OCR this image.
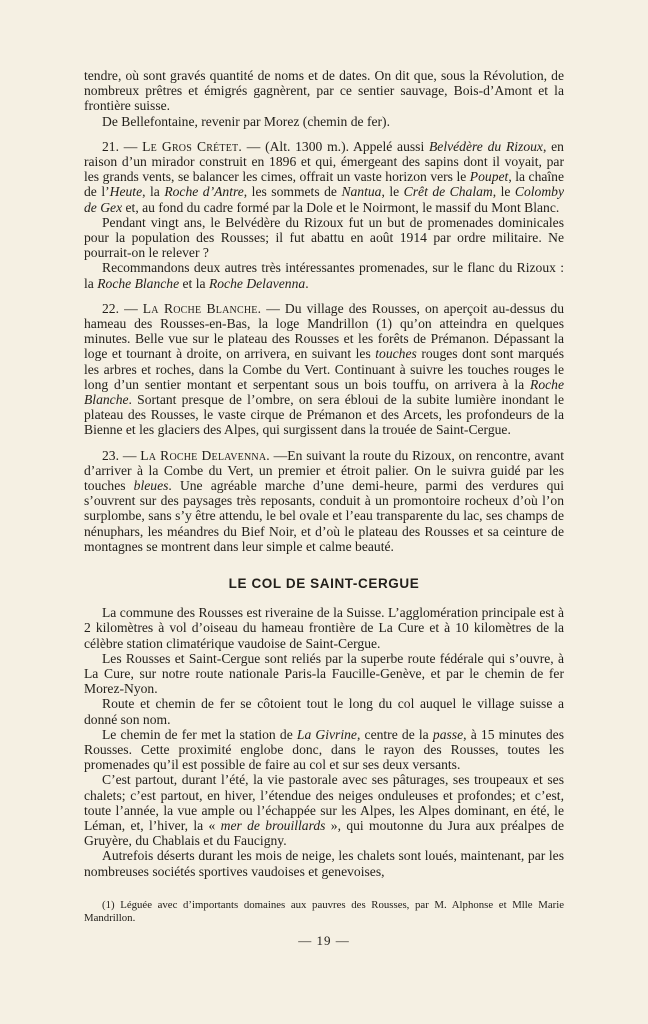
tendre, où sont gravés quantité de noms et de dates. On dit que, sous la Révolution, de nombreux prêtres et émigrés gagnèrent, par ce sentier sauvage, Bois-d’Amont et la frontière suisse.

De Bellefontaine, revenir par Morez (chemin de fer).

21. — Le Gros Crétet. — (Alt. 1300 m.). Appelé aussi Belvédère du Rizoux, en raison d’un mirador construit en 1896 et qui, émergeant des sapins dont il voyait, par les grands vents, se balancer les cimes, offrait un vaste horizon vers le Poupet, la chaîne de l’Heute, la Roche d’Antre, les sommets de Nantua, le Crêt de Chalam, le Colomby de Gex et, au fond du cadre formé par la Dole et le Noirmont, le massif du Mont Blanc.

Pendant vingt ans, le Belvédère du Rizoux fut un but de promenades dominicales pour la population des Rousses; il fut abattu en août 1914 par ordre militaire. Ne pourrait-on le relever ?

Recommandons deux autres très intéressantes promenades, sur le flanc du Rizoux : la Roche Blanche et la Roche Delavenna.

22. — La Roche Blanche. — Du village des Rousses, on aperçoit au-dessus du hameau des Rousses-en-Bas, la loge Mandrillon (1) qu’on atteindra en quelques minutes. Belle vue sur le plateau des Rousses et les forêts de Prémanon. Dépassant la loge et tournant à droite, on arrivera, en suivant les touches rouges dont sont marqués les arbres et roches, dans la Combe du Vert. Continuant à suivre les touches rouges le long d’un sentier montant et serpentant sous un bois touffu, on arrivera à la Roche Blanche. Sortant presque de l’ombre, on sera ébloui de la subite lumière inondant le plateau des Rousses, le vaste cirque de Prémanon et des Arcets, les profondeurs de la Bienne et les glaciers des Alpes, qui surgissent dans la trouée de Saint-Cergue.

23. — La Roche Delavenna. —En suivant la route du Rizoux, on rencontre, avant d’arriver à la Combe du Vert, un premier et étroit palier. On le suivra guidé par les touches bleues. Une agréable marche d’une demi-heure, parmi des verdures qui s’ouvrent sur des paysages très reposants, conduit à un promontoire rocheux d’où l’on surplombe, sans s’y être attendu, le bel ovale et l’eau transparente du lac, ses champs de nénuphars, les méandres du Bief Noir, et d’où le plateau des Rousses et sa ceinture de montagnes se montrent dans leur simple et calme beauté.

LE COL DE SAINT-CERGUE

La commune des Rousses est riveraine de la Suisse. L’agglomération principale est à 2 kilomètres à vol d’oiseau du hameau frontière de La Cure et à 10 kilomètres de la célèbre station climatérique vaudoise de Saint-Cergue.

Les Rousses et Saint-Cergue sont reliés par la superbe route fédérale qui s’ouvre, à La Cure, sur notre route nationale Paris-la Faucille-Genève, et par le chemin de fer Morez-Nyon.

Route et chemin de fer se côtoient tout le long du col auquel le village suisse a donné son nom.

Le chemin de fer met la station de La Givrine, centre de la passe, à 15 minutes des Rousses. Cette proximité englobe donc, dans le rayon des Rousses, toutes les promenades qu’il est possible de faire au col et sur ses deux versants.

C’est partout, durant l’été, la vie pastorale avec ses pâturages, ses troupeaux et ses chalets; c’est partout, en hiver, l’étendue des neiges onduleuses et profondes; et c’est, toute l’année, la vue ample ou l’échappée sur les Alpes, les Alpes dominant, en été, le Léman, et, l’hiver, la « mer de brouillards », qui moutonne du Jura aux préalpes de Gruyère, du Chablais et du Faucigny.

Autrefois déserts durant les mois de neige, les chalets sont loués, maintenant, par les nombreuses sociétés sportives vaudoises et genevoises,

(1) Léguée avec d’importants domaines aux pauvres des Rousses, par M. Alphonse et Mlle Marie Mandrillon.

— 19 —
